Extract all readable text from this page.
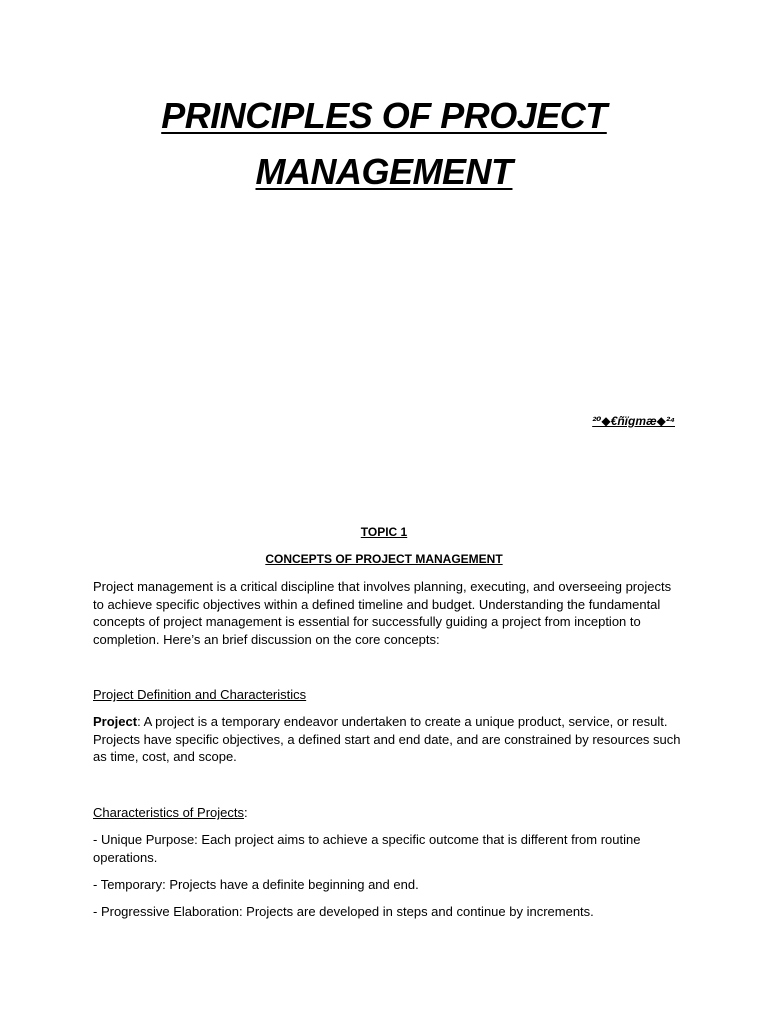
PRINCIPLES OF PROJECT
MANAGEMENT
²⁰◆€ñïgmæ◆²⁴
TOPIC 1
CONCEPTS OF PROJECT MANAGEMENT

Project management is a critical discipline that involves planning, executing, and overseeing projects to achieve specific objectives within a defined timeline and budget. Understanding the fundamental concepts of project management is essential for successfully guiding a project from inception to completion. Here’s an brief discussion on the core concepts:

Project Definition and Characteristics

Project: A project is a temporary endeavor undertaken to create a unique product, service, or result. Projects have specific objectives, a defined start and end date, and are constrained by resources such as time, cost, and scope.

Characteristics of Projects:

- Unique Purpose: Each project aims to achieve a specific outcome that is different from routine operations.

- Temporary: Projects have a definite beginning and end.

- Progressive Elaboration: Projects are developed in steps and continue by increments.
